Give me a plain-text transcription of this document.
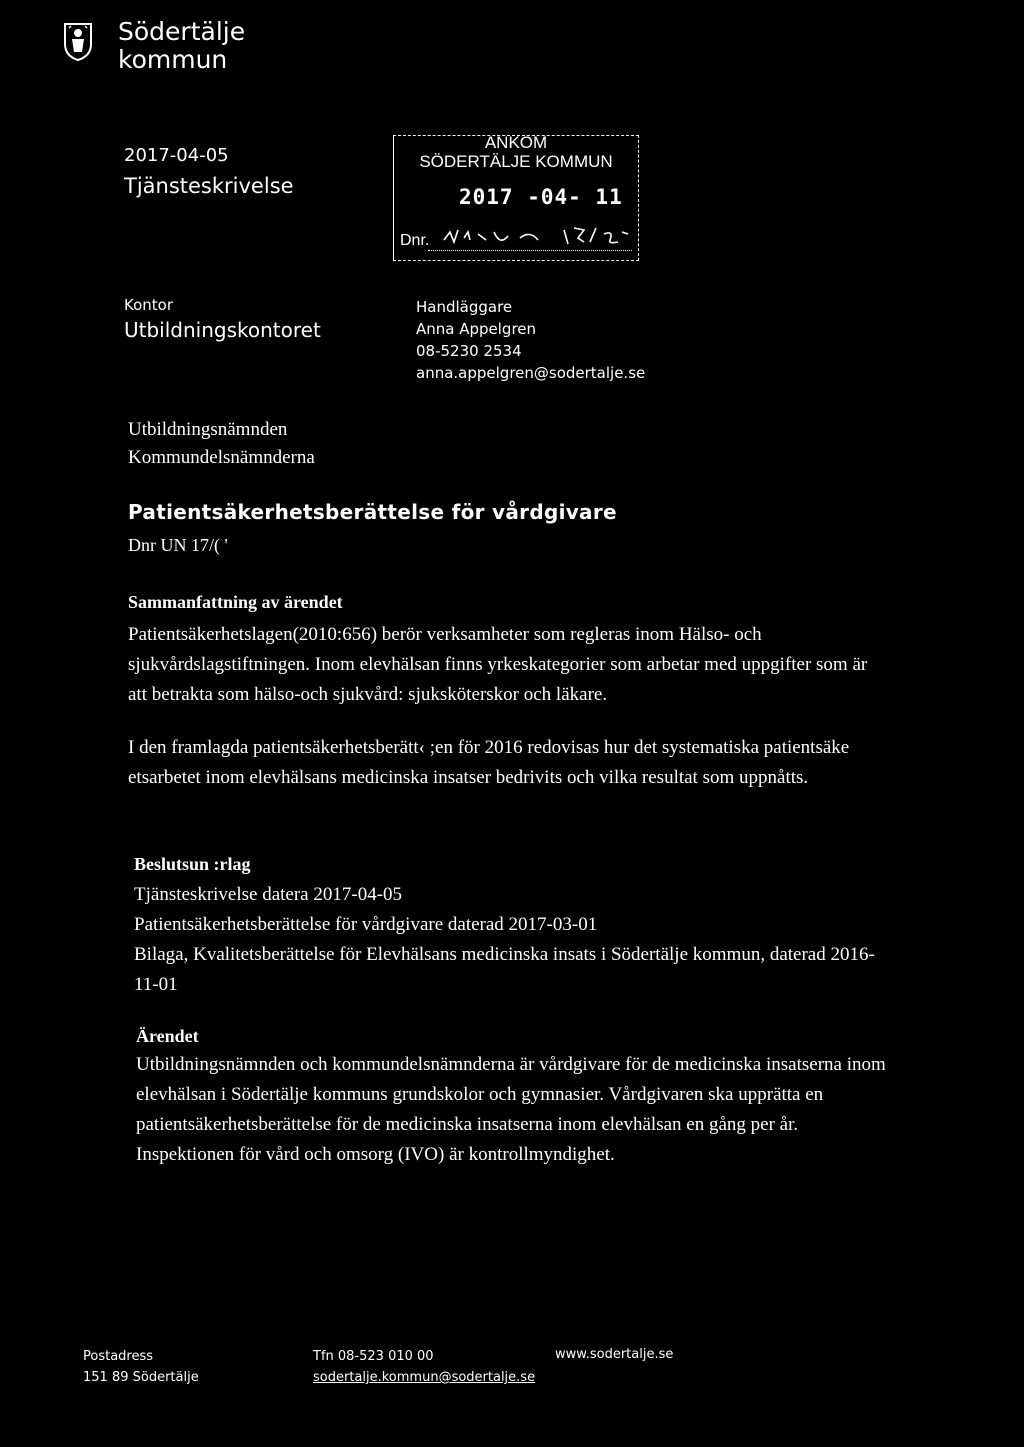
Södertälje
kommun
2017-04-05
Tjänsteskrivelse
ANKOM
SÖDERTÄLJE KOMMUN
2017 -04- 11
Dnr.
Kontor
Utbildningskontoret
Handläggare
Anna Appelgren
08-5230 2534
anna.appelgren@sodertalje.se
Utbildningsnämnden
Kommundelsnämnderna
Patientsäkerhetsberättelse för vårdgivare
Dnr UN 17/( '
Sammanfattning av ärendet
Patientsäkerhetslagen(2010:656) berör verksamheter som regleras inom Hälso- och sjukvårdslagstiftningen. Inom elevhälsan finns yrkeskategorier som arbetar med uppgifter som är att betrakta som hälso-och sjukvård: sjuksköterskor och läkare.
I den framlagda patientsäkerhetsberätt‹ ;en för 2016 redovisas hur det systematiska patientsäke etsarbetet inom elevhälsans medicinska insatser bedrivits och vilka resultat som uppnåtts.
Beslutsun :rlag
Tjänsteskrivelse datera 2017-04-05
Patientsäkerhetsberättelse för vårdgivare daterad 2017-03-01
Bilaga, Kvalitetsberättelse för Elevhälsans medicinska insats i Södertälje kommun, daterad 2016-11-01
Ärendet
Utbildningsnämnden och kommundelsnämnderna är vårdgivare för de medicinska insatserna inom elevhälsan i Södertälje kommuns grundskolor och gymnasier. Vårdgivaren ska upprätta en patientsäkerhetsberättelse för de medicinska insatserna inom elevhälsan en gång per år.
Inspektionen för vård och omsorg (IVO) är kontrollmyndighet.
Postadress
151 89 Södertälje
Tfn 08-523 010 00
sodertalje.kommun@sodertalje.se
www.sodertalje.se
